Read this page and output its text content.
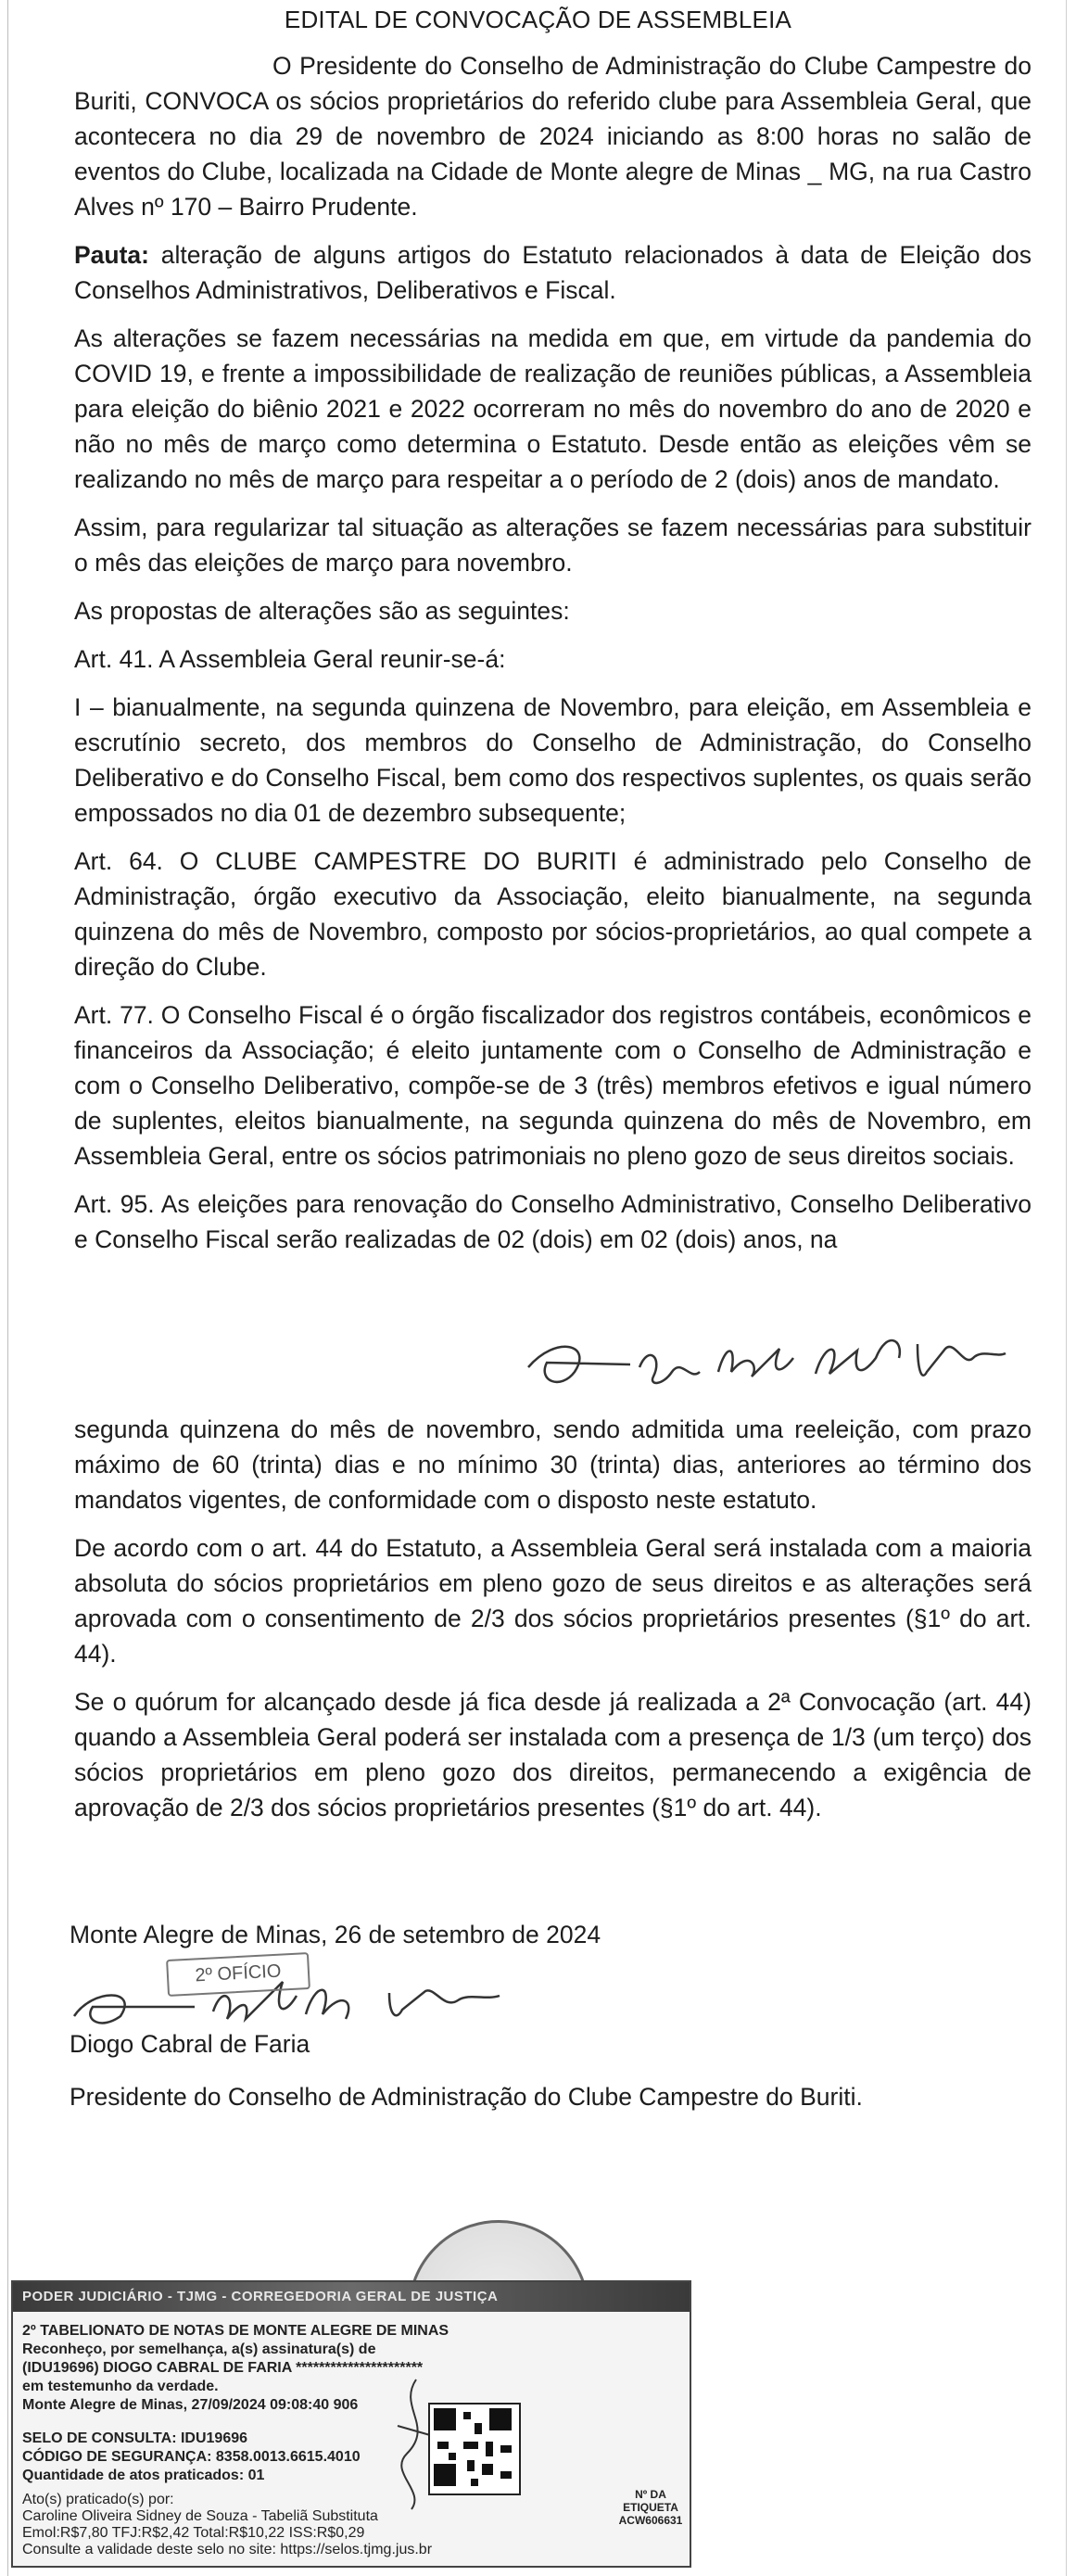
EDITAL DE CONVOCAÇÃO DE ASSEMBLEIA

O Presidente do Conselho de Administração do Clube Campestre do Buriti, CONVOCA os sócios proprietários do referido clube para Assembleia Geral, que acontecera no dia 29 de novembro de 2024 iniciando as 8:00 horas no salão de eventos do Clube, localizada na Cidade de Monte alegre de Minas _ MG, na rua Castro Alves nº 170 – Bairro Prudente.

Pauta: alteração de alguns artigos do Estatuto relacionados à data de Eleição dos Conselhos Administrativos, Deliberativos e Fiscal.

As alterações se fazem necessárias na medida em que, em virtude da pandemia do COVID 19, e frente a impossibilidade de realização de reuniões públicas, a Assembleia para eleição do biênio 2021 e 2022 ocorreram no mês do novembro do ano de 2020 e não no mês de março como determina o Estatuto. Desde então as eleições vêm se realizando no mês de março para respeitar a o período de 2 (dois) anos de mandato.

Assim, para regularizar tal situação as alterações se fazem necessárias para substituir o mês das eleições de março para novembro.

As propostas de alterações são as seguintes:

Art. 41. A Assembleia Geral reunir-se-á:

I – bianualmente, na segunda quinzena de Novembro, para eleição, em Assembleia e escrutínio secreto, dos membros do Conselho de Administração, do Conselho Deliberativo e do Conselho Fiscal, bem como dos respectivos suplentes, os quais serão empossados no dia 01 de dezembro subsequente;

Art. 64. O CLUBE CAMPESTRE DO BURITI é administrado pelo Conselho de Administração, órgão executivo da Associação, eleito bianualmente, na segunda quinzena do mês de Novembro, composto por sócios-proprietários, ao qual compete a direção do Clube.

Art. 77. O Conselho Fiscal é o órgão fiscalizador dos registros contábeis, econômicos e financeiros da Associação; é eleito juntamente com o Conselho de Administração e com o Conselho Deliberativo, compõe-se de 3 (três) membros efetivos e igual número de suplentes, eleitos bianualmente, na segunda quinzena do mês de Novembro, em Assembleia Geral, entre os sócios patrimoniais no pleno gozo de seus direitos sociais.

Art. 95. As eleições para renovação do Conselho Administrativo, Conselho Deliberativo e Conselho Fiscal serão realizadas de 02 (dois) em 02 (dois) anos, na

segunda quinzena do mês de novembro, sendo admitida uma reeleição, com prazo máximo de 60 (trinta) dias e no mínimo 30 (trinta) dias, anteriores ao término dos mandatos vigentes, de conformidade com o disposto neste estatuto.

De acordo com o art. 44 do Estatuto, a Assembleia Geral será instalada com a maioria absoluta do sócios proprietários em pleno gozo de seus direitos e as alterações será aprovada com o consentimento de 2/3 dos sócios proprietários presentes (§1º do art. 44).

Se o quórum for alcançado desde já fica desde já realizada a 2ª Convocação (art. 44) quando a Assembleia Geral poderá ser instalada com a presença de 1/3 (um terço) dos sócios proprietários em pleno gozo dos direitos, permanecendo a exigência de aprovação de 2/3 dos sócios proprietários presentes (§1º do art. 44).

Monte Alegre de Minas, 26 de setembro de 2024
2º OFÍCIO
Diogo Cabral de Faria
Presidente do Conselho de Administração do Clube Campestre do Buriti.
PODER JUDICIÁRIO - TJMG - CORREGEDORIA GERAL DE JUSTIÇA
2º TABELIONATO DE NOTAS DE MONTE ALEGRE DE MINAS
Reconheço, por semelhança, a(s) assinatura(s) de
(IDU19696) DIOGO CABRAL DE FARIA **********************
em testemunho da verdade.
Monte Alegre de Minas, 27/09/2024 09:08:40 906
SELO DE CONSULTA: IDU19696
CÓDIGO DE SEGURANÇA: 8358.0013.6615.4010
Quantidade de atos praticados: 01
Ato(s) praticado(s) por:
Caroline Oliveira Sidney de Souza - Tabeliã Substituta
Emol:R$7,80 TFJ:R$2,42 Total:R$10,22 ISS:R$0,29
Consulte a validade deste selo no site: https://selos.tjmg.jus.br
Nº DA ETIQUETA
ACW606631
